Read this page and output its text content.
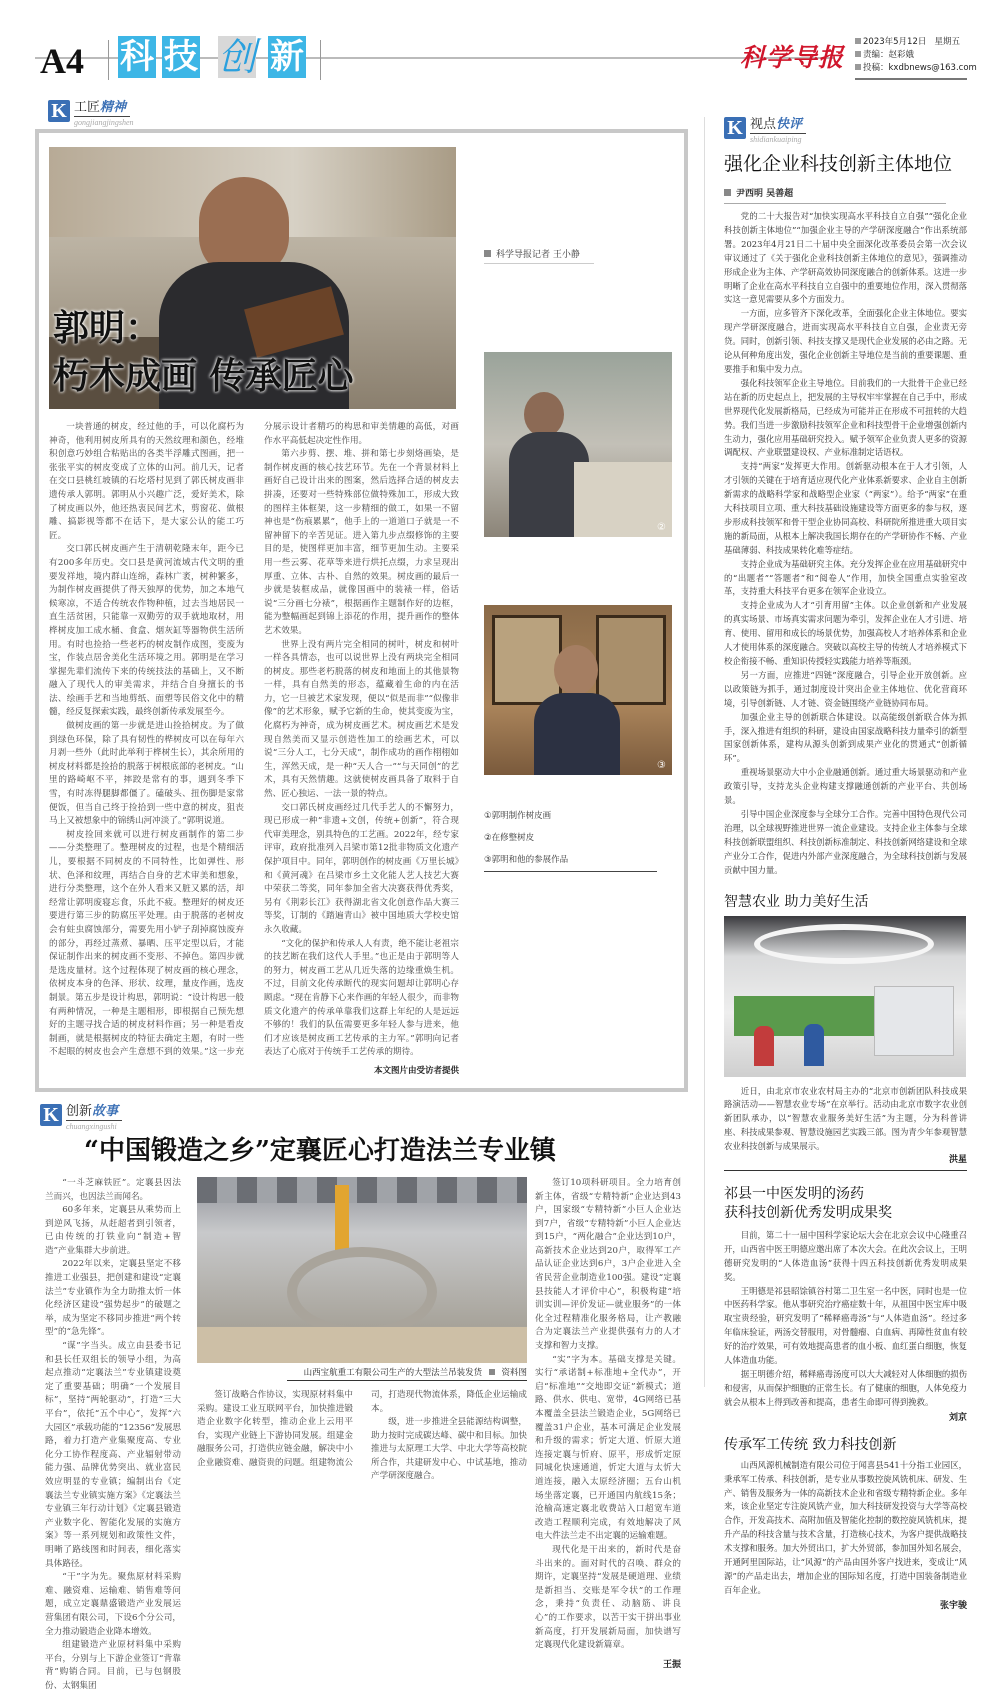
A4 科 技 创 新	科学导报
2023年5月12日 星期五
责编：赵彩娥
投稿：kxdbnews@163.com
K 工匠精神
gongjiangjingshen
郭明：
朽木成画 传承匠心

一块普通的树皮，经过他的手，可以化腐朽为神奇，他利用树皮所具有的天然纹理和颜色，经堆积创意巧妙组合粘贴出的各类半浮雕式图画，把一张张平实的树皮变成了立体的山河。前几天，记者在交口县桃红坡镇的石圪塔村见到了郭氏树皮画非遗传承人郭明。郭明从小兴趣广泛，爱好美术，除了树皮画以外，他还热衷民间艺术，剪窗花、做根雕、搞影视等都不在话下，是大家公认的能工巧匠。

交口郭氏树皮画产生于清朝乾隆末年，距今已有200多年历史。交口县是黄河流域古代文明的重要发祥地，境内群山连绵，森林广袤，树种繁多，为制作树皮画提供了得天独厚的优势，加之本地气候寒凉，不适合传统农作物种植，过去当地居民一直生活贫困，只能靠一双勤劳的双手就地取材，用桦树皮加工成水桶、食盒、烟灰缸等器物供生活所用。有时也捡拾一些老朽的树皮制作成图，变废为宝，作装点居舍美化生活环境之用。郭明是在学习掌握先辈们流传下来的传统技法的基础上，又不断融入了现代人的审美需求，并结合自身擅长的书法、绘画手艺和当地剪纸、面塑等民俗文化中的精髓，经反复探索实践，最终创新传承发展至今。

做树皮画的第一步就是进山捡拾树皮。为了做到绿色环保，除了具有韧性的桦树皮可以在每年六月剥一些外（此时此举利于桦树生长），其余所用的树皮材料都是捡拾的脱落于树根底部的老树皮。“山里的路崎岖不平，摔跤是常有的事，遇到冬季下雪，有时冻得腿脚都僵了。磕破头、扭伤脚是家常便饭，但当自己终于捡拾到一些中意的树皮，狙丧马上又被想象中的锦绣山河冲淡了。”郭明说道。

树皮捡回来就可以进行树皮画制作的第二步——分类整理了。整理树皮的过程，也是个精细活儿，要根据不同树皮的不同特性，比如弹性、形状、色泽和纹理，再结合自身的艺术审美和想象，进行分类整理，这个在外人看来又脏又累的活，却经常让郭明废寝忘食，乐此不疲。整理好的树皮还要进行第三步的防腐压平处理。由于脱落的老树皮会有蛀虫腐蚀部分，需要先用小铲子刮掉腐蚀废弃的部分，再经过蒸煮、暴晒、压平定型以后，才能保证制作出来的树皮画不变形、不掉色。第四步就是选皮量材。这个过程体现了树皮画的核心理念，依树皮本身的色泽、形状、纹理，量皮作画，选皮制景。第五步是设计构思，郭明说：“设计构思一般有两种情况，一种是主题相形，即根据自己预先想好的主题寻找合适的树皮材料作画；另一种是看皮制画，就是根据树皮的特征去确定主题，有时一些不起眼的树皮也会产生意想不到的效果。”这一步充分展示设计者精巧的构思和审美情趣的高低，对画作水平高低起决定性作用。

第六步剪、摆、堆、拼和第七步刻烙画染，是制作树皮画的核心技艺环节。先在一个背景材料上画好自己设计出来的图案，然后选择合适的树皮去拼凑，还要对一些特殊部位做特殊加工，形成大致的图样主体框架，这一步精细的做工，如果一不留神也是“伤痕累累”，他手上的一道道口子就是一不留神留下的辛苦见证。进入第九步点缀修饰的主要目的是，使图样更加丰富，细节更加生动。主要采用一些云雾、花草等来进行烘托点缀，力求呈现出厚重、立体、古朴、自然的效果。树皮画的最后一步就是装框成品，就像国画中的装裱一样，俗话说“三分画七分裱”，根据画作主题制作好的边框，能为整幅画起到锦上添花的作用，提升画作的整体艺术效果。

世界上没有两片完全相同的树叶，树皮和树叶一样各具情态，也可以说世界上没有两块完全相同的树皮。那些老朽脱落的树皮和地面上的其他景物一样，具有自然美的形态，蕴藏着生命的内在活力，它一旦被艺术家发现，便以“似是而非”“似像非像”的艺术形象，赋予它新的生命，使其变废为宝，化腐朽为神奇，成为树皮画艺术。树皮画艺术是发现自然美而又显示创造性加工的绘画艺术，可以说“三分人工，七分天成”，制作成功的画作栩栩如生，浑然天成，是一种“天人合一”“与天同创”的艺术，具有天然情趣。这就使树皮画具备了取料于自然、匠心独运、一法一景的特点。

交口郭氏树皮画经过几代手艺人的不懈努力，现已形成一种“非遗+文创，传统+创新”，符合现代审美理念，别具特色的工艺画。2022年，经专家评审，政府批准列入吕梁市第12批非物质文化遗产保护项目中。同年，郭明创作的树皮画《万里长城》和《黄河魂》在吕梁市乡土文化能人艺人技艺大赛中荣获二等奖，同年参加全省大决赛获得优秀奖，另有《荆彩长江》获得湖北省文化创意作品大赛三等奖，订制的《踏遍青山》被中国地质大学校史馆永久收藏。

“文化的保护和传承人人有责，绝不能让老祖宗的技艺断在我们这代人手里。”也正是由于郭明等人的努力，树皮画工艺从几近失落的边缘重焕生机。不过，目前文化传承断代的现实问题却让郭明心存顾虑。“现在肯静下心来作画的年轻人很少，而非物质文化遗产的传承单靠我们这群上年纪的人是远远不够的！我们的队伍需要更多年轻人参与进来，他们才应该是树皮画工艺传承的主力军。”郭明向记者表达了心底对于传统手工艺传承的期待。

本文图片由受访者提供
科学导报记者 王小静
②
③
①郭明制作树皮画
②在修整树皮
③郭明和他的参展作品
K 创新故事
chuangxingushi
“中国锻造之乡”定襄匠心打造法兰专业镇

“一斗芝麻铁匠”。定襄县因法兰而兴，也因法兰而闻名。

60多年来，定襄县从乘势而上到逆风飞扬，从赶超者到引领者，已由传统的打铁业向“制造+智造”产业集群大步前进。

2022年以来，定襄县坚定不移推进工业强县，把创建和建设“定襄法兰”专业镇作为全力助推太忻一体化经济区建设“强势起步”的破题之举，成为坚定不移同步推进“两个转型”的“急先锋”。

“谋”字当头。成立由县委书记和县长任双组长的领导小组，为高起点推动“定襄法兰”专业镇建设奠定了重要基础；明确“一个发展目标”，坚持“两轮驱动”，打造“三大平台”，依托“五个中心”，发挥“六大园区”承载功能的“12356”发展思路，着力打造产业集聚度高、专业化分工协作程度高、产业辐射带动能力强、品牌优势突出、就业富民效应明显的专业镇；编制出台《定襄法兰专业镇实施方案》《定襄法兰专业镇三年行动计划》《定襄县锻造产业数字化、智能化发展的实施方案》等一系列规划和政策性文件，明晰了路线图和时间表，细化落实具体路径。

“干”字为先。聚焦原材料采购难、融资难、运输难、销售难等问题，成立定襄鼎盛锻造产业发展运营集团有限公司，下设6个分公司，全力推动锻造企业降本增效。

组建锻造产业原材料集中采购平台，分别与上下游企业签订“背靠背”购销合同。目前，已与包钢股份、太钢集团

山西宝航重工有限公司生产的大型法兰吊装发货 资料图

签订战略合作协议，实现原材料集中采购。建设工业互联网平台，加快推进锻造企业数字化转型，推动企业上云用平台，实现产业链上下游协同发展。组建金融服务公司，打造供应链金融，解决中小企业融资难、融资贵的问题。组建物流公司，打造现代物流体系，降低企业运输成本。

级，进一步推进全县能源结构调整，助力按时完成碳达峰、碳中和目标。加快推进与太原理工大学、中北大学等高校院所合作，共建研发中心、中试基地，推动产学研深度融合。

签订10项科研项目。全力培育创新主体，省级“专精特新”企业达到43户，国家级“专精特新”小巨人企业达到7户，省级“专精特新”小巨人企业达到15户，“两化融合”企业达到10户，高新技术企业达到20户，取得军工产品认证企业达到6户，3户企业进入全省民营企业制造业100强。建设“定襄县技能人才评价中心”，积极构建“培训实训—评价发证—就业服务”的一体化全过程精准化服务格局，让产教融合为定襄法兰产业提供强有力的人才支撑和智力支撑。

“实”字为本。基础支撑是关键。实行“承诺制+标准地+全代办”，开启“标准地”“交地即交证”新模式；道路、供水、供电、宽带，4G网络已基本覆盖全县法兰锻造企业，5G网络已覆盖31户企业，基本可满足企业发展和升级的需求；忻定大道、忻原大道连接定襄与忻府、原平，形成忻定原同城化快速通道，忻定大道与太忻大道连接，融入太原经济圈；五台山机场坐落定襄，已开通国内航线15条；沧榆高速定襄北收费站入口超宽车道改造工程顺利完成，有效地解决了风电大件法兰走不出定襄的运输难题。

现代化是干出来的，新时代是奋斗出来的。面对时代的召唤、群众的期许，定襄坚持“发展是硬道理、业绩是新担当、交账是军令状”的工作理念，秉持“负责任、动脑筋、讲良心”的工作要求，以苦干实干拼出事业新高度，打开发展新局面，加快谱写定襄现代化建设新篇章。

王振
K 视点快评
shidiankuaiping
强化企业科技创新主体地位
尹西明 吴善超

党的二十大报告对“加快实现高水平科技自立自强”“强化企业科技创新主体地位”“加强企业主导的产学研深度融合”作出系统部署。2023年4月21日二十届中央全面深化改革委员会第一次会议审议通过了《关于强化企业科技创新主体地位的意见》，强调推动形成企业为主体、产学研高效协同深度融合的创新体系。这进一步明晰了企业在高水平科技自立自强中的重要地位作用，深入贯彻落实这一意见需要从多个方面发力。

一方面，应多管齐下深化改革，全面强化企业主体地位。要实现产学研深度融合，进而实现高水平科技自立自强，企业责无旁贷。同时，创新引领、科技支撑又是现代企业发展的必由之路。无论从何种角度出发，强化企业创新主导地位是当前的重要课题、重要推手和集中发力点。

强化科技领军企业主导地位。目前我们的一大批骨干企业已经站在新的历史起点上，把发展的主导权牢牢掌握在自己手中，形成世界现代化发展新格局，已经成为可能并正在形成不可扭转的大趋势。我们当进一步激励科技领军企业和科技型骨干企业增强创新内生动力，强化应用基础研究投入。赋予领军企业负责人更多的资源调配权、产业联盟建设权、产业标准制定话语权。

支持“两家”发挥更大作用。创新驱动根本在于人才引领，人才引领的关键在于培育适应现代化产业体系新要求、企业自主创新新需求的战略科学家和战略型企业家（“两家”）。给予“两家”在重大科技项目立项、重大科技基础设施建设等方面更多的参与权，逐步形成科技领军和骨干型企业协同高校、科研院所推进重大项目实施的新局面，从根本上解决我国长期存在的产学研协作不畅、产业基础薄弱、科技成果转化难等症结。

支持企业成为基础研究主体。充分发挥企业在应用基础研究中的“出题者”“答题者”和“阅卷人”作用，加快全国重点实验室改革，支持重大科技平台更多在领军企业设立。

支持企业成为人才“引育用留”主体。以企业创新和产业发展的真实场景、市场真实需求问题为牵引，发挥企业在人才引进、培育、使用、留用和成长的场景优势，加强高校人才培养体系和企业人才使用体系的深度融合。突破以高校主导的传统人才培养模式下校企衔接不畅、重知识传授轻实践能力培养等瓶颈。

另一方面，应推进“四链”深度融合，引导企业开放创新。应以政策链为抓手，通过制度设计突出企业主体地位、优化营商环境，引导创新链、人才链、资金链围绕产业链协同布局。

加强企业主导的创新联合体建设。以高能级创新联合体为抓手，深入推进有组织的科研，建设由国家战略科技力量牵引的新型国家创新体系，建构从源头创新到成果产业化的贯通式“创新循环”。

重视场景驱动大中小企业融通创新。通过重大场景驱动和产业政策引导，支持龙头企业构建支撑融通创新的产业平台、共创场景。

引导中国企业深度参与全球分工合作。完善中国特色现代公司治理，以全球视野推进世界一流企业建设。支持企业主体参与全球科技创新联盟组织、科技创新标准制定、科技创新网络建设和全球产业分工合作，促进内外部产业深度融合，为全球科技创新与发展贡献中国力量。

智慧农业 助力美好生活

近日，由北京市农业农村局主办的“北京市创新团队科技成果路演活动——智慧农业专场”在京举行。活动由北京市数字农业创新团队承办，以“智慧农业服务美好生活”为主题，分为科普讲座、科技成果参观、智慧设施园艺实践三部。图为青少年参观智慧农业科技创新与成果展示。

洪星
祁县一中医发明的汤药
获科技创新优秀发明成果奖

目前，第二十一届中国科学家论坛大会在北京会议中心隆重召开，山西省中医王明德应邀出席了本次大会。在此次会议上，王明德研究发明的“人体造血汤”获得十四五科技创新优秀发明成果奖。

王明德是祁县昭馀镇谷村第二卫生室一名中医，同时也是一位中医药科学家。他从事研究治疗癌症数十年，从祖国中医宝库中吸取宝贵经验，研究发明了“稀释癌毒汤”与“人体造血汤”。经过多年临床验证，两汤交替服用，对骨髓瘤、白血病、再障性贫血有较好的治疗效果，可有效地提高患者的血小板、血红蛋白细胞，恢复人体造血功能。

据王明德介绍，稀释癌毒汤度可以大大减轻对人体细胞的损伤和侵害，从而保护细胞的正常生长。有了健康的细胞，人体免疫力就会从根本上得到改善和提高，患者生命即可得到挽救。

刘京
传承军工传统 致力科技创新

山西风源机械制造有限公司位于闻喜县541十分指工业园区，秉承军工传承、科技创新，是专业从事数控旋风铣机床、研发、生产、销售及服务为一体的高新技术企业和省级专精特新企业。多年来，该企业坚定专注旋风铣产业，加大科技研发投资与大学等高校合作，开发高技术、高附加值及智能化控制的数控旋风铣机床，提升产品的科技含量与技术含量，打造核心技术，为客户提供战略技术支撑和服务。加大外贸出口，扩大外贸部，参加国外知名展会，开通阿里国际站，让“风源”的产品由国外客户找进来，变成让“风源”的产品走出去，增加企业的国际知名度，打造中国装备制造业百年企业。

张宇骏
